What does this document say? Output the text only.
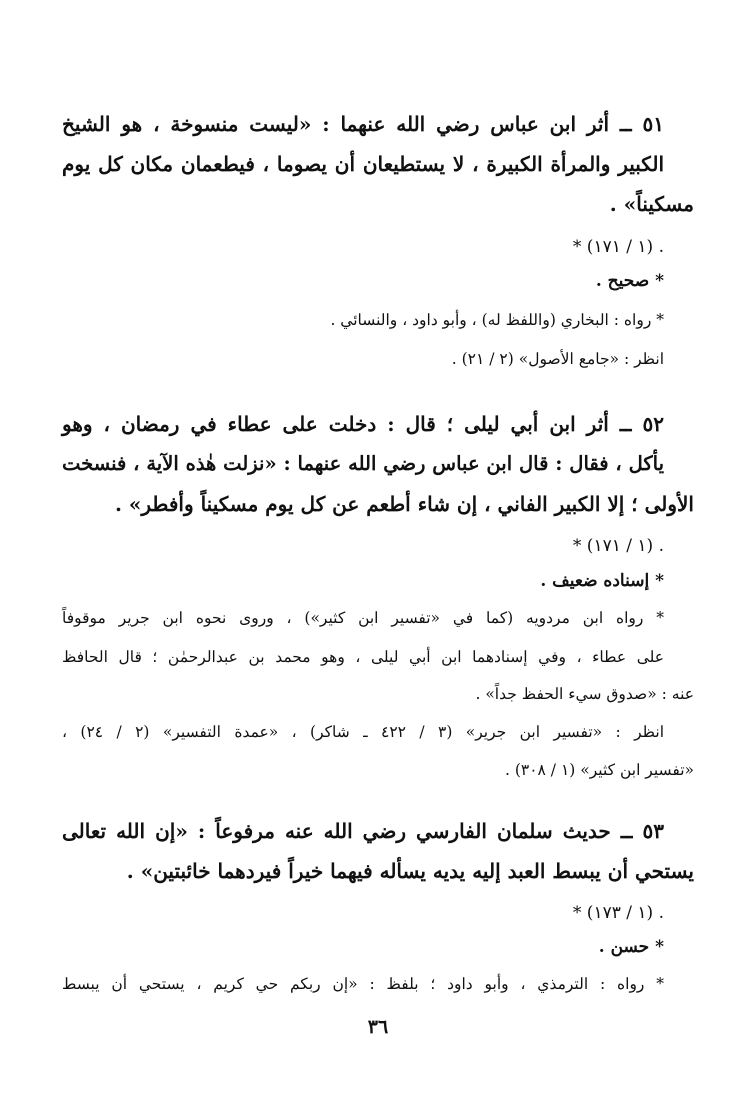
٥١ ــ أثر ابن عباس رضي الله عنهما : «ليست منسوخة ، هو الشيخ
الكبير والمرأة الكبيرة ، لا يستطيعان أن يصوما ، فيطعمان مكان كل يوم
مسكيناً» .
* (١ / ١٧١) .
* صحيح .
* رواه : البخاري (واللفظ له) ، وأبو داود ، والنسائي .
انظر : «جامع الأصول» (٢ / ٢١) .
٥٢ ــ أثر ابن أبي ليلى ؛ قال : دخلت على عطاء في رمضان ، وهو
يأكل ، فقال : قال ابن عباس رضي الله عنهما : «نزلت هٰذه الآية ، فنسخت
الأولى ؛ إلا الكبير الفاني ، إن شاء أطعم عن كل يوم مسكيناً وأفطر» .
* (١ / ١٧١) .
* إسناده ضعيف .
* رواه ابن مردويه (كما في «تفسير ابن كثير») ، وروى نحوه ابن جرير موقوفاً
على عطاء ، وفي إسنادهما ابن أبي ليلى ، وهو محمد بن عبدالرحمٰن ؛ قال الحافظ
عنه : «صدوق سيء الحفظ جداً» .
انظر : «تفسير ابن جرير» (٣ / ٤٢٢ ـ شاكر) ، «عمدة التفسير» (٢ / ٢٤) ،
«تفسير ابن كثير» (١ / ٣٠٨) .
٥٣ ــ حديث سلمان الفارسي رضي الله عنه مرفوعاً : «إن الله تعالى
يستحي أن يبسط العبد إليه يديه يسأله فيهما خيراً فيردهما خائبتين» .
* (١ / ١٧٣) .
* حسن .
* رواه : الترمذي ، وأبو داود ؛ بلفظ : «إن ربكم حي كريم ، يستحي أن يبسط
٣٦
